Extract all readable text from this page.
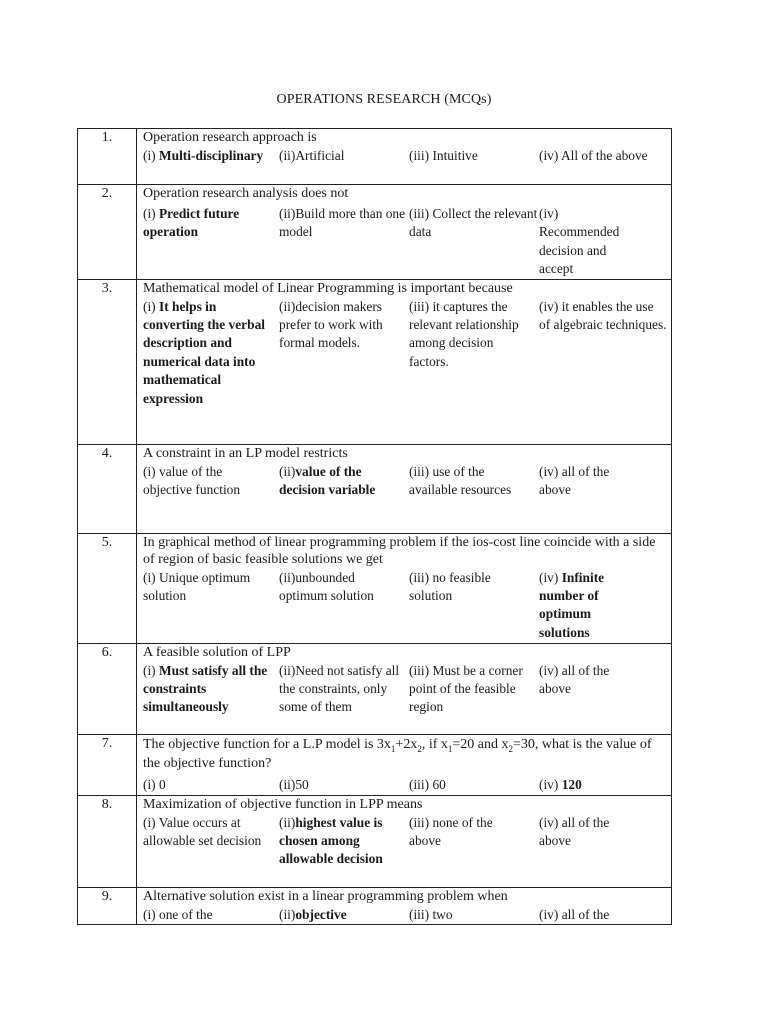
OPERATIONS RESEARCH (MCQs)
1.	Operation research approach is
(i) Multi-disciplinary (ii)Artificial (iii) Intuitive (iv) All of the above

2.	Operation research analysis does not
(i) Predict future operation
(ii)Build more than one model
(iii) Collect the relevant data
(iv) Recommended decision and accept

3.	Mathematical model of Linear Programming is important because
(i) It helps in converting the verbal description and numerical data into mathematical expression
(ii)decision makers prefer to work with formal models.
(iii) it captures the relevant relationship among decision factors.
(iv) it enables the use of algebraic techniques.

4.	A constraint in an LP model restricts
(i) value of the objective function
(ii)value of the decision variable
(iii) use of the available resources
(iv) all of the above

5.	In graphical method of linear programming problem if the ios-cost line coincide with a side of region of basic feasible solutions we get
(i) Unique optimum solution
(ii)unbounded optimum solution
(iii) no feasible solution
(iv) Infinite number of optimum solutions

6.	A feasible solution of LPP
(i) Must satisfy all the constraints simultaneously
(ii)Need not satisfy all the constraints, only some of them
(iii) Must be a corner point of the feasible region
(iv) all of the above

7.	The objective function for a L.P model is $3x_1+2x_2$, if $x_1=20$ and $x_2=30$, what is the value of the objective function?
(i) 0 (ii)50 (iii) 60 (iv) 120

8.	Maximization of objective function in LPP means
(i) Value occurs at allowable set decision
(ii)highest value is chosen among allowable decision
(iii) none of the above
(iv) all of the above

9.	Alternative solution exist in a linear programming problem when
(i) one of the (ii)objective (iii) two (iv) all of the
